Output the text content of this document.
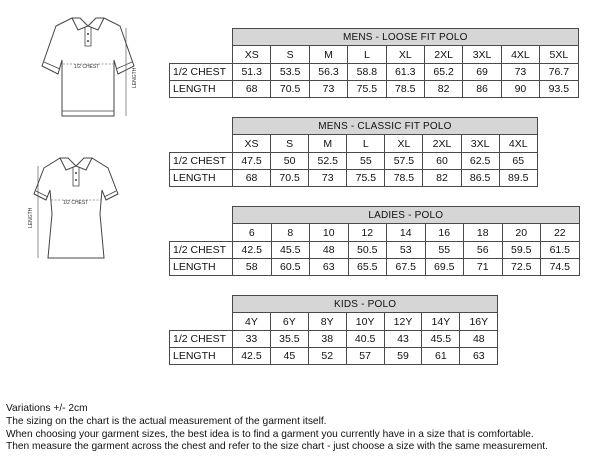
1/2 CHEST
LENGTH
1/2 CHEST
LENGTH
	MENS - LOOSE FIT POLO								
	XS	S	M	L	XL	2XL	3XL	4XL	5XL
1/2 CHEST	51.3	53.5	56.3	58.8	61.3	65.2	69	73	76.7
LENGTH	68	70.5	73	75.5	78.5	82	86	90	93.5
	MENS - CLASSIC FIT POLO							
	XS	S	M	L	XL	2XL	3XL	4XL
1/2 CHEST	47.5	50	52.5	55	57.5	60	62.5	65
LENGTH	68	70.5	73	75.5	78.5	82	86.5	89.5
	LADIES - POLO								
	6	8	10	12	14	16	18	20	22
1/2 CHEST	42.5	45.5	48	50.5	53	55	56	59.5	61.5
LENGTH	58	60.5	63	65.5	67.5	69.5	71	72.5	74.5
	KIDS - POLO						
	4Y	6Y	8Y	10Y	12Y	14Y	16Y
1/2 CHEST	33	35.5	38	40.5	43	45.5	48
LENGTH	42.5	45	52	57	59	61	63

Variations +/- 2cm

The sizing on the chart is the actual measurement of the garment itself.

When choosing your garment sizes, the best idea is to find a garment you currently have in a size that is comfortable.

Then measure the garment across the chest and refer to the size chart - just choose a size with the same measurement.
